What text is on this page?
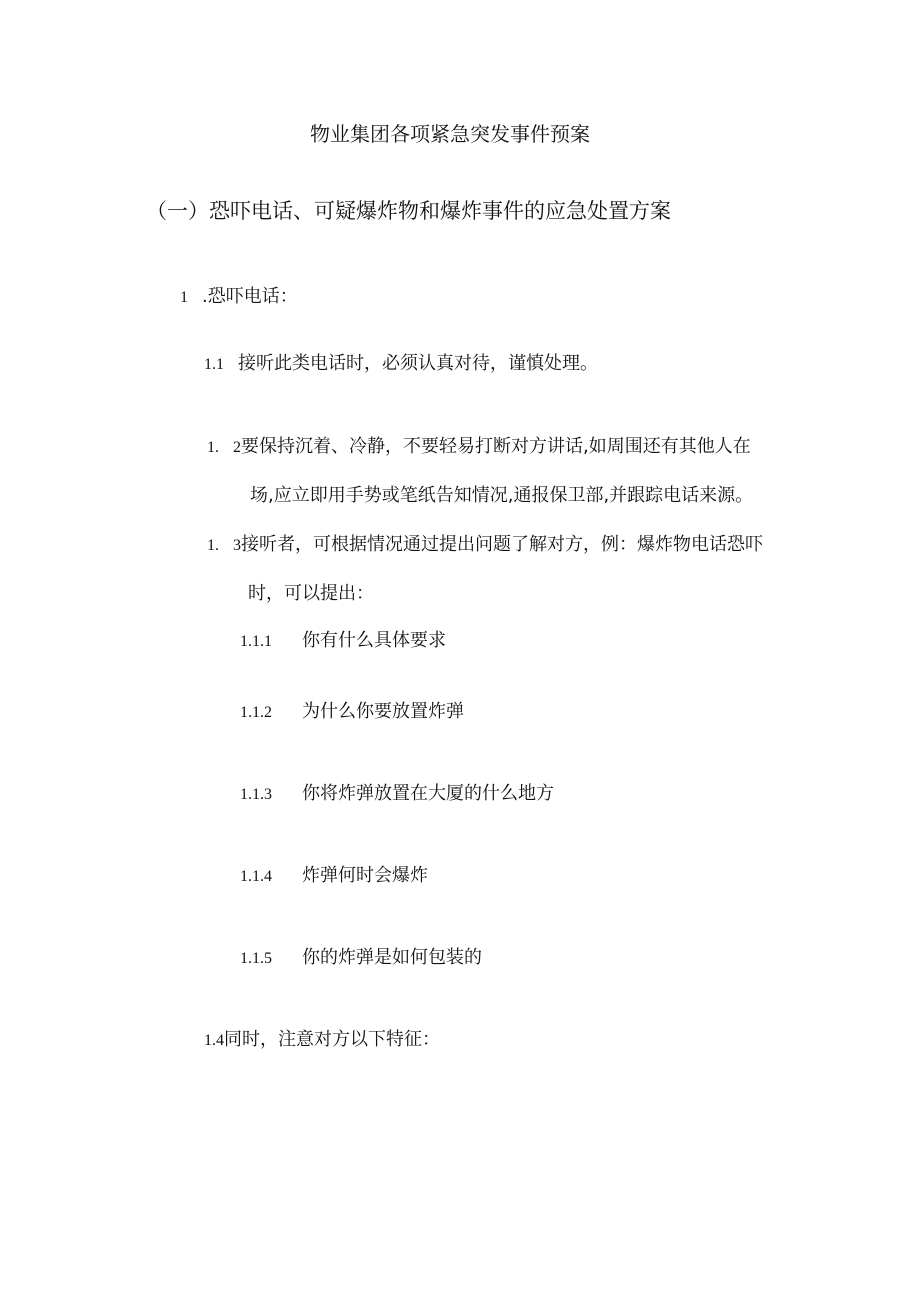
物业集团各项紧急突发事件预案
（一）恐吓电话、可疑爆炸物和爆炸事件的应急处置方案
1 .恐吓电话：
1.1 接听此类电话时，必须认真对待，谨慎处理。
1. 2要保持沉着、冷静，不要轻易打断对方讲话,如周围还有其他人在
场,应立即用手势或笔纸告知情况,通报保卫部,并跟踪电话来源。
1. 3接听者，可根据情况通过提出问题了解对方，例：爆炸物电话恐吓
时，可以提出：
1.1.1 你有什么具体要求
1.1.2 为什么你要放置炸弹
1.1.3 你将炸弹放置在大厦的什么地方
1.1.4 炸弹何时会爆炸
1.1.5 你的炸弹是如何包装的
1.4同时，注意对方以下特征：
